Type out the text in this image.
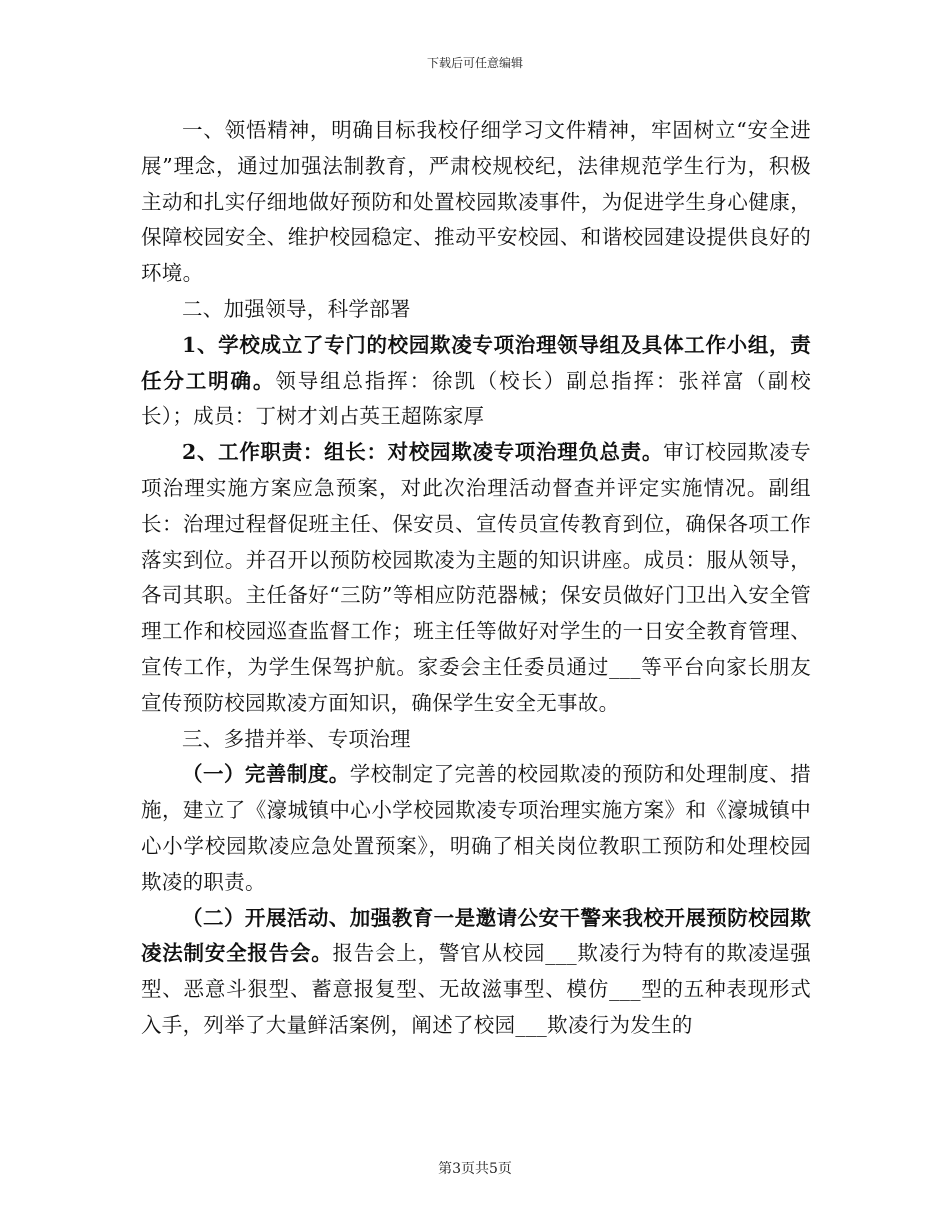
下载后可任意编辑

一、领悟精神，明确目标我校仔细学习文件精神，牢固树立“安全进展”理念，通过加强法制教育，严肃校规校纪，法律规范学生行为，积极主动和扎实仔细地做好预防和处置校园欺凌事件，为促进学生身心健康，保障校园安全、维护校园稳定、推动平安校园、和谐校园建设提供良好的环境。

二、加强领导，科学部署

1、学校成立了专门的校园欺凌专项治理领导组及具体工作小组，责任分工明确。领导组总指挥：徐凯（校长）副总指挥：张祥富（副校长）；成员：丁树才刘占英王超陈家厚

2、工作职责：组长：对校园欺凌专项治理负总责。审订校园欺凌专项治理实施方案应急预案，对此次治理活动督查并评定实施情况。副组长：治理过程督促班主任、保安员、宣传员宣传教育到位，确保各项工作落实到位。并召开以预防校园欺凌为主题的知识讲座。成员：服从领导，各司其职。主任备好“三防”等相应防范器械；保安员做好门卫出入安全管理工作和校园巡查监督工作；班主任等做好对学生的一日安全教育管理、宣传工作，为学生保驾护航。家委会主任委员通过___等平台向家长朋友宣传预防校园欺凌方面知识，确保学生安全无事故。

三、多措并举、专项治理

（一）完善制度。学校制定了完善的校园欺凌的预防和处理制度、措施，建立了《濠城镇中心小学校园欺凌专项治理实施方案》和《濠城镇中心小学校园欺凌应急处置预案》，明确了相关岗位教职工预防和处理校园欺凌的职责。

（二）开展活动、加强教育一是邀请公安干警来我校开展预防校园欺凌法制安全报告会。报告会上，警官从校园___欺凌行为特有的欺凌逞强型、恶意斗狠型、蓄意报复型、无故滋事型、模仿___型的五种表现形式入手，列举了大量鲜活案例，阐述了校园___欺凌行为发生的

第3页共5页
